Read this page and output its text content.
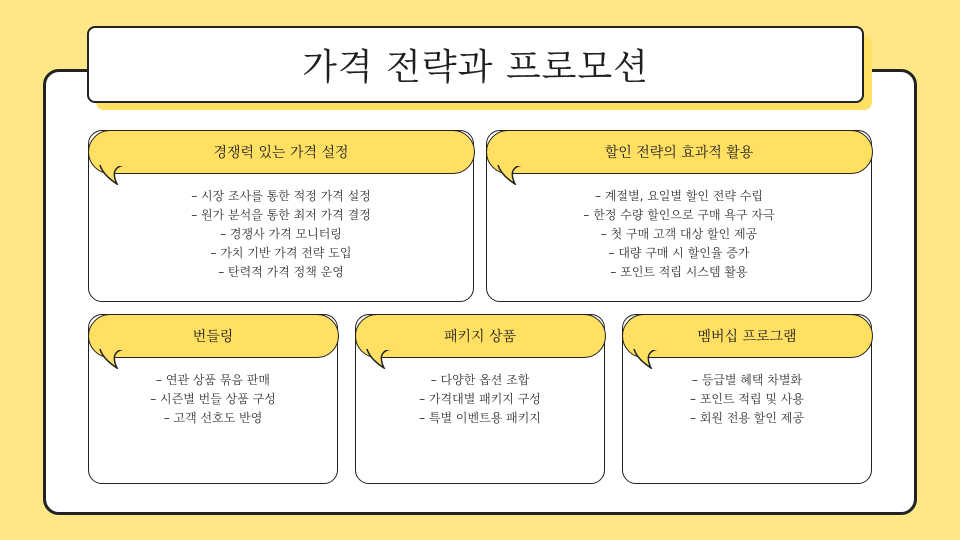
가격 전략과 프로모션
경쟁력 있는 가격 설정
– 시장 조사를 통한 적정 가격 설정
– 원가 분석을 통한 최저 가격 결정
– 경쟁사 가격 모니터링
– 가치 기반 가격 전략 도입
– 탄력적 가격 정책 운영
할인 전략의 효과적 활용
– 계절별, 요일별 할인 전략 수립
– 한정 수량 할인으로 구매 욕구 자극
– 첫 구매 고객 대상 할인 제공
– 대량 구매 시 할인율 증가
– 포인트 적립 시스템 활용
번들링
– 연관 상품 묶음 판매
– 시즌별 번들 상품 구성
– 고객 선호도 반영
패키지 상품
– 다양한 옵션 조합
– 가격대별 패키지 구성
– 특별 이벤트용 패키지
멤버십 프로그램
– 등급별 혜택 차별화
– 포인트 적립 및 사용
– 회원 전용 할인 제공
